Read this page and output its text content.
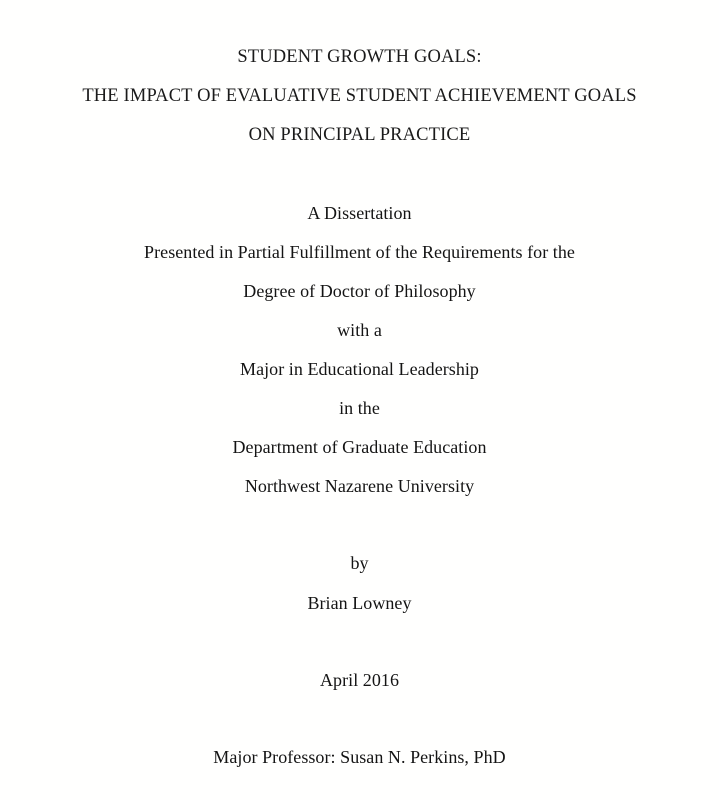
STUDENT GROWTH GOALS:
THE IMPACT OF EVALUATIVE STUDENT ACHIEVEMENT GOALS
ON PRINCIPAL PRACTICE
A Dissertation
Presented in Partial Fulfillment of the Requirements for the
Degree of Doctor of Philosophy
with a
Major in Educational Leadership
in the
Department of Graduate Education
Northwest Nazarene University
by
Brian Lowney
April 2016
Major Professor: Susan N. Perkins, PhD
